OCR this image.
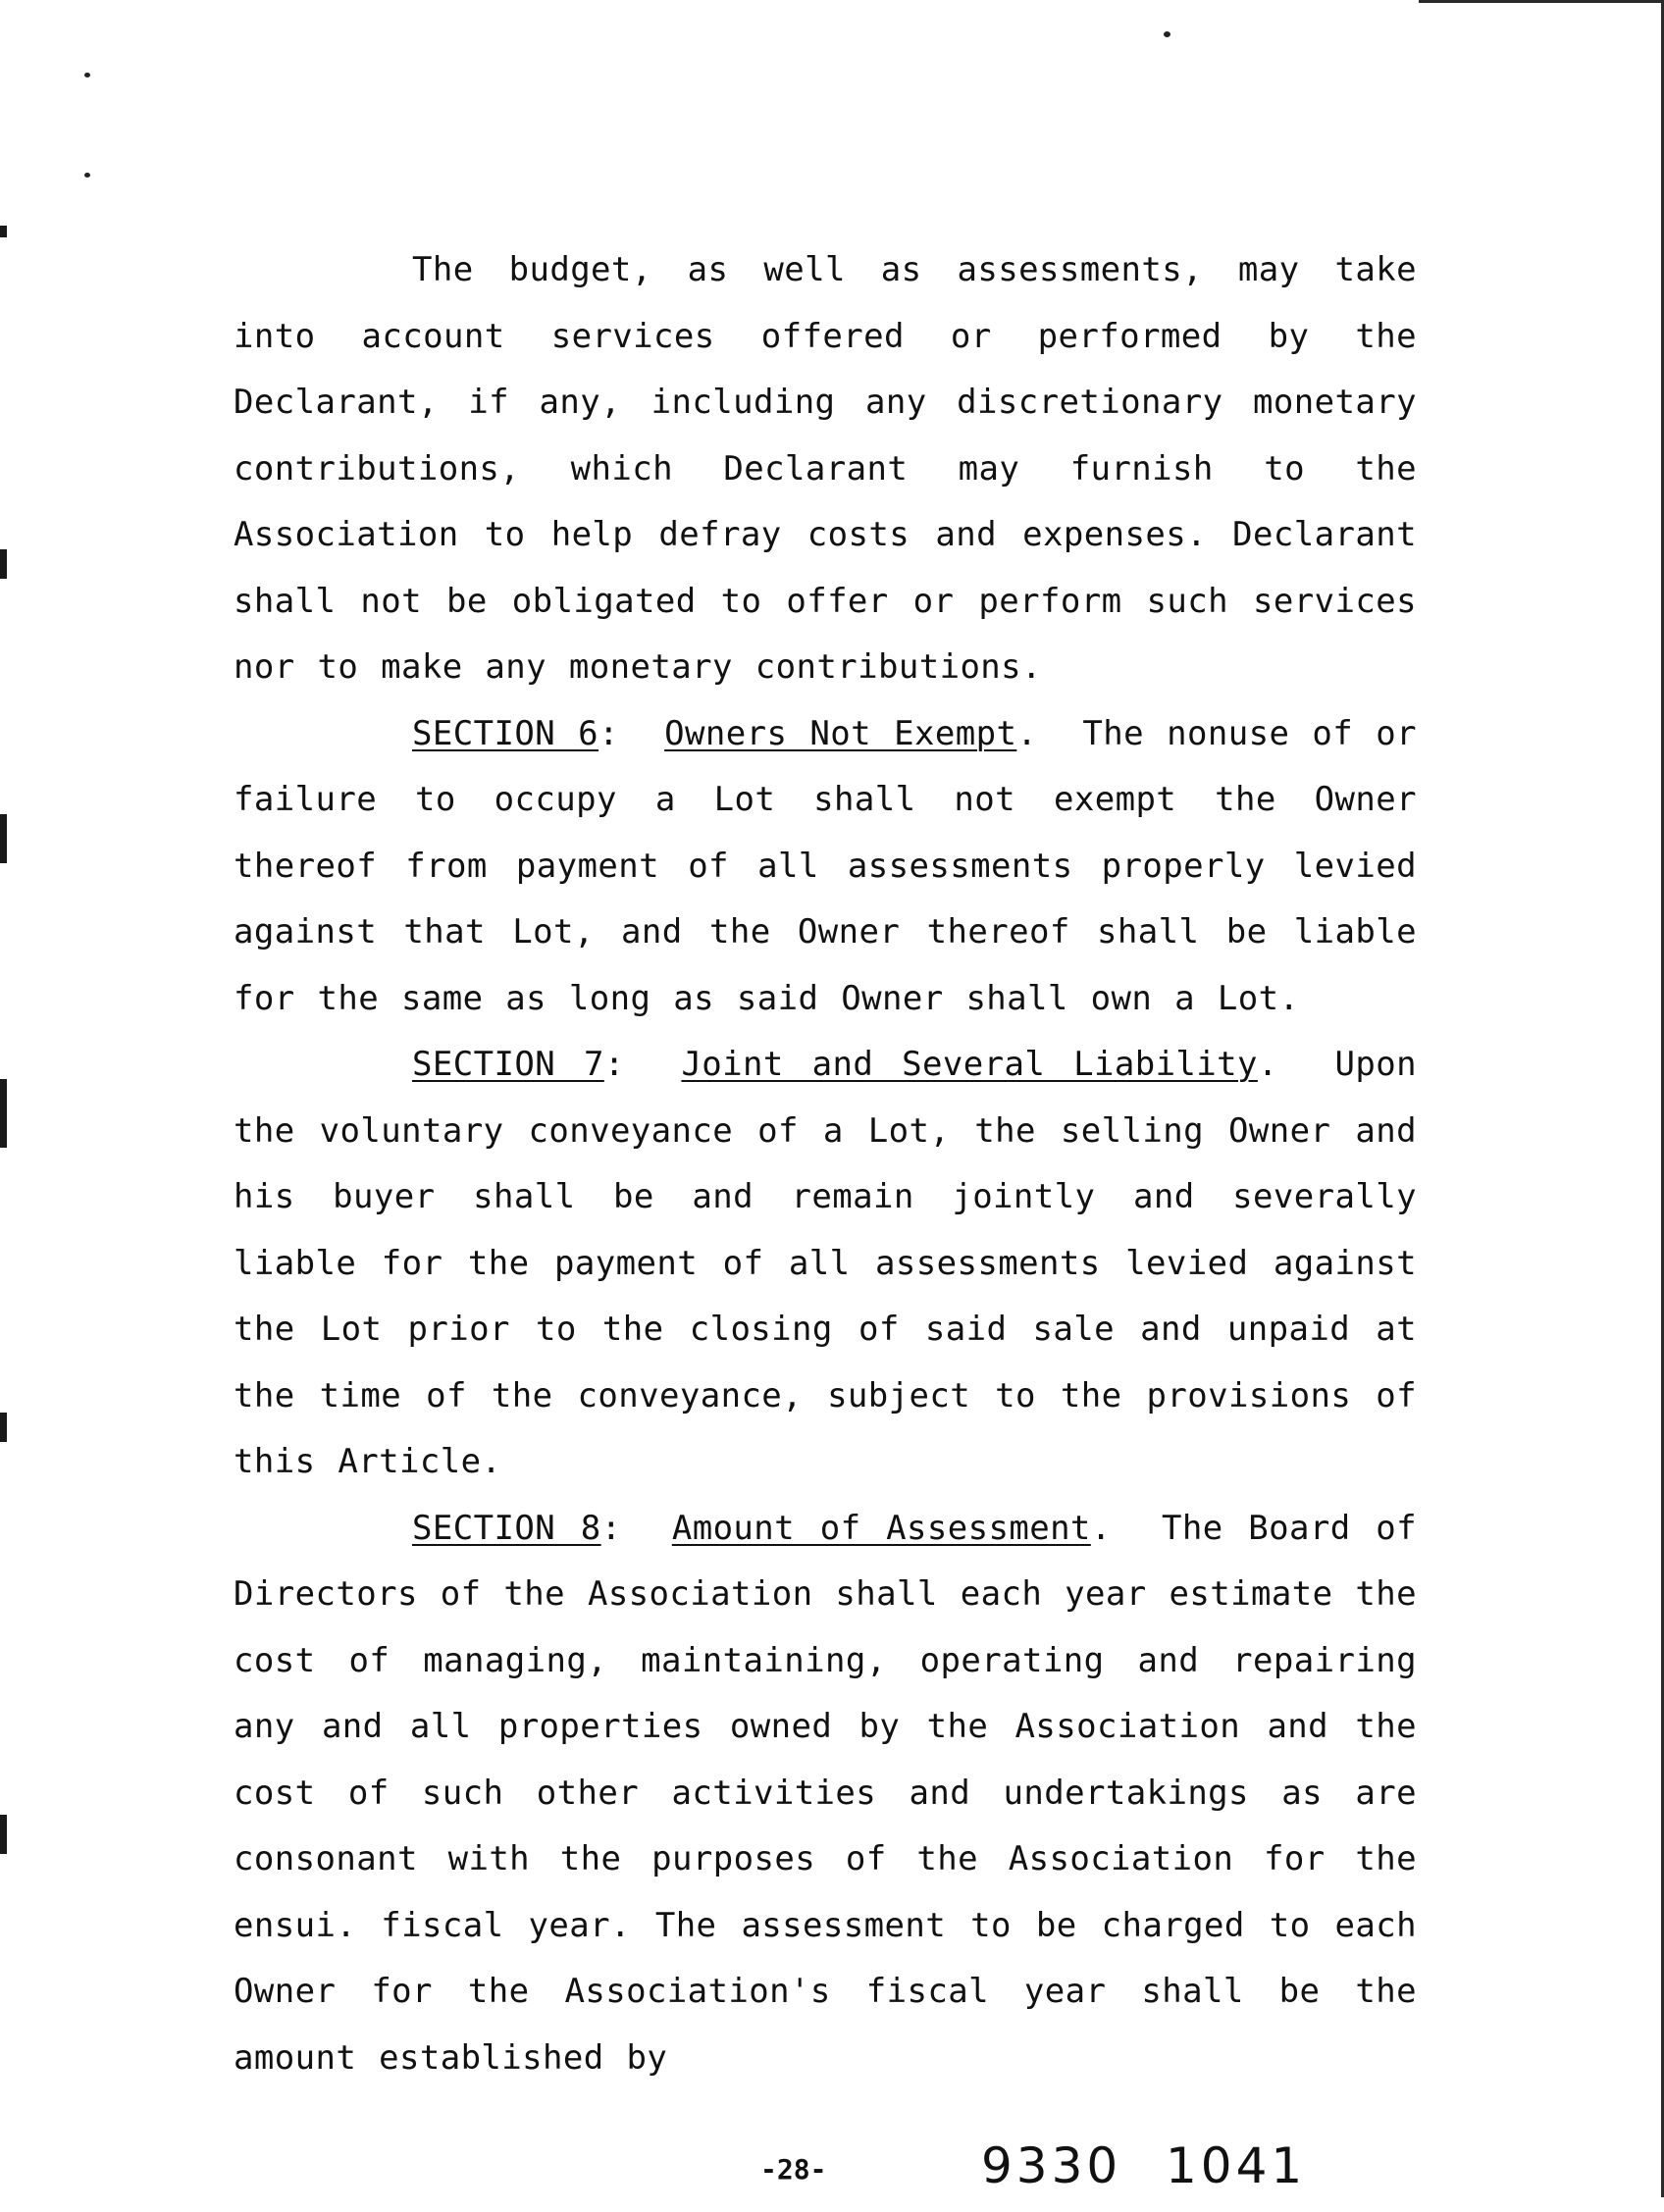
The budget, as well as assessments, may take into account services offered or performed by the Declarant, if any, including any discretionary monetary contributions, which Declarant may furnish to the Association to help defray costs and expenses. Declarant shall not be obligated to offer or perform such services nor to make any monetary contributions.

SECTION 6:  Owners Not Exempt.  The nonuse of or failure to occupy a Lot shall not exempt the Owner thereof from payment of all assessments properly levied against that Lot, and the Owner thereof shall be liable for the same as long as said Owner shall own a Lot.

SECTION 7:  Joint and Several Liability.  Upon the voluntary conveyance of a Lot, the selling Owner and his buyer shall be and remain jointly and severally liable for the payment of all assessments levied against the Lot prior to the closing of said sale and unpaid at the time of the conveyance, subject to the provisions of this Article.

SECTION 8:  Amount of Assessment.  The Board of Directors of the Association shall each year estimate the cost of managing, maintaining, operating and repairing any and all properties owned by the Association and the cost of such other activities and undertakings as are consonant with the purposes of the Association for the ensui. fiscal year. The assessment to be charged to each Owner for the Association's fiscal year shall be the amount established by

-28-	9330 1041
